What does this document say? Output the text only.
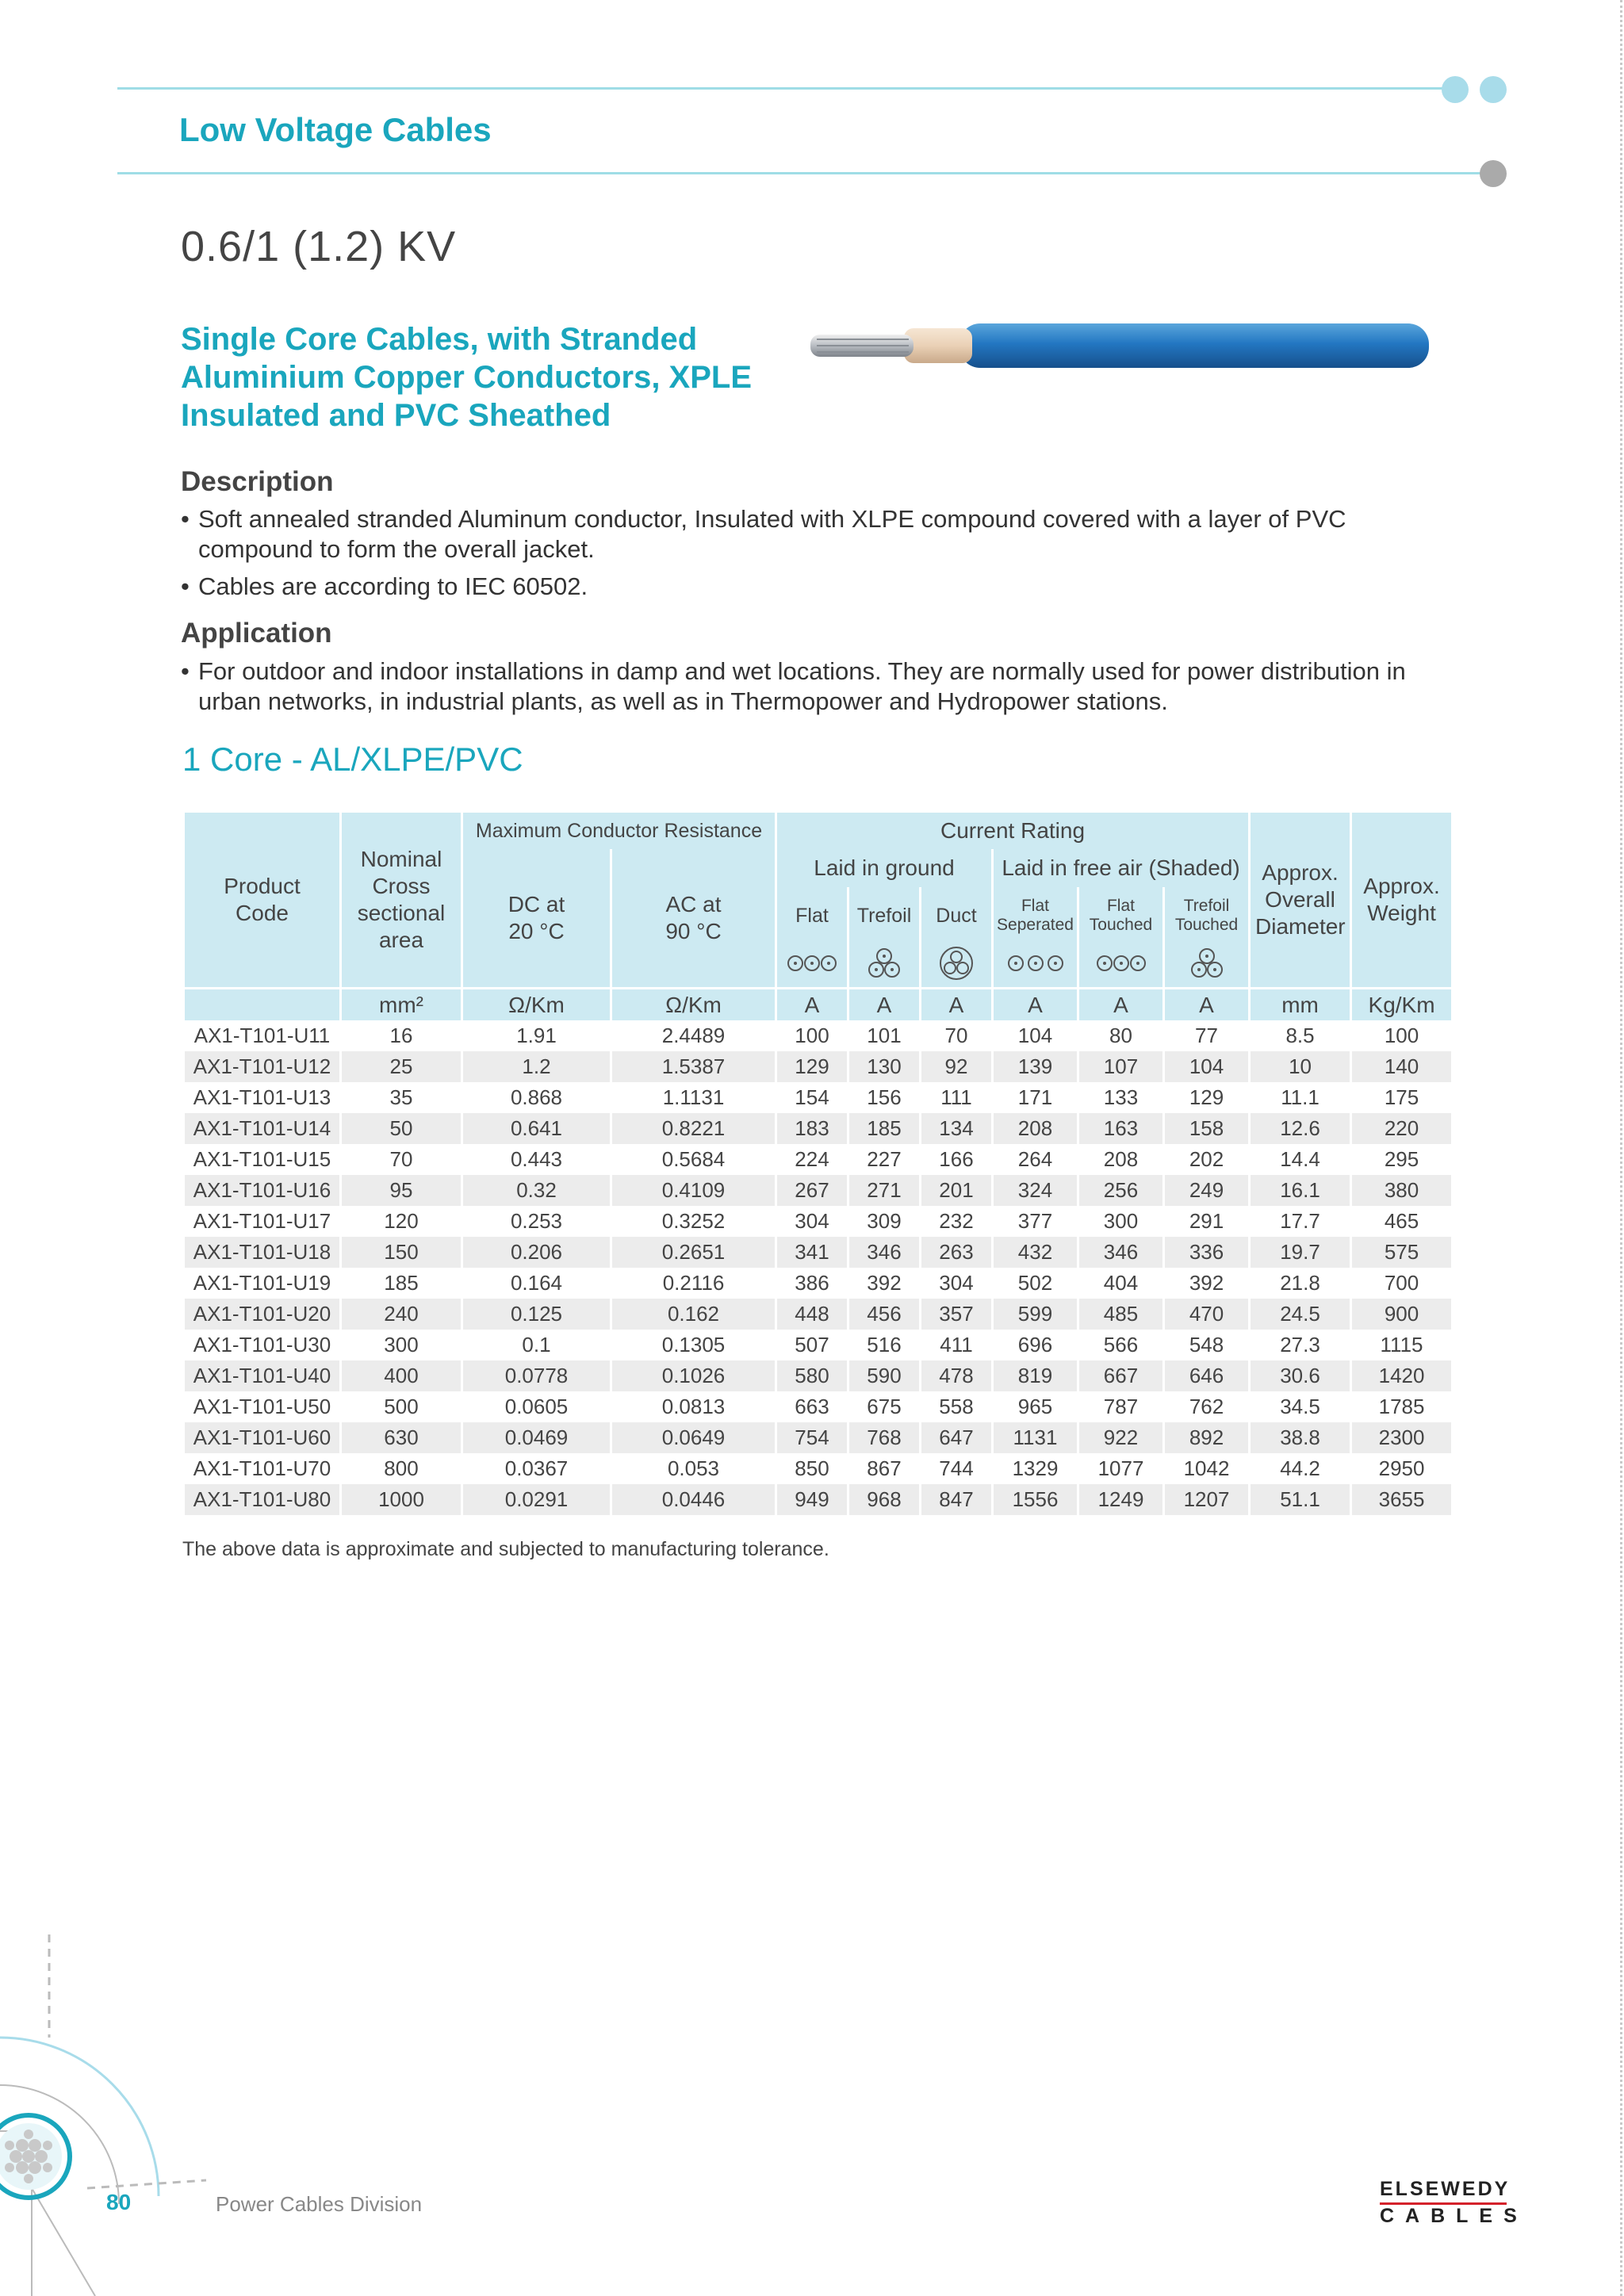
Low Voltage Cables
0.6/1 (1.2) KV
Single Core Cables, with Stranded
Aluminium Copper Conductors, XPLE
Insulated and PVC Sheathed
Description
• Soft annealed stranded Aluminum conductor, Insulated with XLPE compound covered with a layer of PVC compound to form the overall jacket.
• Cables are according to IEC 60502.
Application
• For outdoor and indoor installations in damp and wet locations. They are normally used for power distribution in urban networks, in industrial plants, as well as in Thermopower and Hydropower stations.
1 Core - AL/XLPE/PVC
Product Code	Nominal Cross sectional area	Maximum Conductor Resistance		Current Rating						Approx. Overall Diameter	Approx. Weight
		DC at 20 °C	AC at 90 °C	Laid in ground			Laid in free air (Shaded)				
				Flat	Trefoil	Duct	Flat Seperated	Flat Touched	Trefoil Touched		

	mm²	Ω/Km	Ω/Km	A	A	A	A	A	A	mm	Kg/Km
AX1-T101-U11	16	1.91	2.4489	100	101	70	104	80	77	8.5	100
AX1-T101-U12	25	1.2	1.5387	129	130	92	139	107	104	10	140
AX1-T101-U13	35	0.868	1.1131	154	156	111	171	133	129	11.1	175
AX1-T101-U14	50	0.641	0.8221	183	185	134	208	163	158	12.6	220
AX1-T101-U15	70	0.443	0.5684	224	227	166	264	208	202	14.4	295
AX1-T101-U16	95	0.32	0.4109	267	271	201	324	256	249	16.1	380
AX1-T101-U17	120	0.253	0.3252	304	309	232	377	300	291	17.7	465
AX1-T101-U18	150	0.206	0.2651	341	346	263	432	346	336	19.7	575
AX1-T101-U19	185	0.164	0.2116	386	392	304	502	404	392	21.8	700
AX1-T101-U20	240	0.125	0.162	448	456	357	599	485	470	24.5	900
AX1-T101-U30	300	0.1	0.1305	507	516	411	696	566	548	27.3	1115
AX1-T101-U40	400	0.0778	0.1026	580	590	478	819	667	646	30.6	1420
AX1-T101-U50	500	0.0605	0.0813	663	675	558	965	787	762	34.5	1785
AX1-T101-U60	630	0.0469	0.0649	754	768	647	1131	922	892	38.8	2300
AX1-T101-U70	800	0.0367	0.053	850	867	744	1329	1077	1042	44.2	2950
AX1-T101-U80	1000	0.0291	0.0446	949	968	847	1556	1249	1207	51.1	3655
The above data is approximate and subjected to manufacturing tolerance.
80	Power Cables Division
ELSEWEDY
CABLES
